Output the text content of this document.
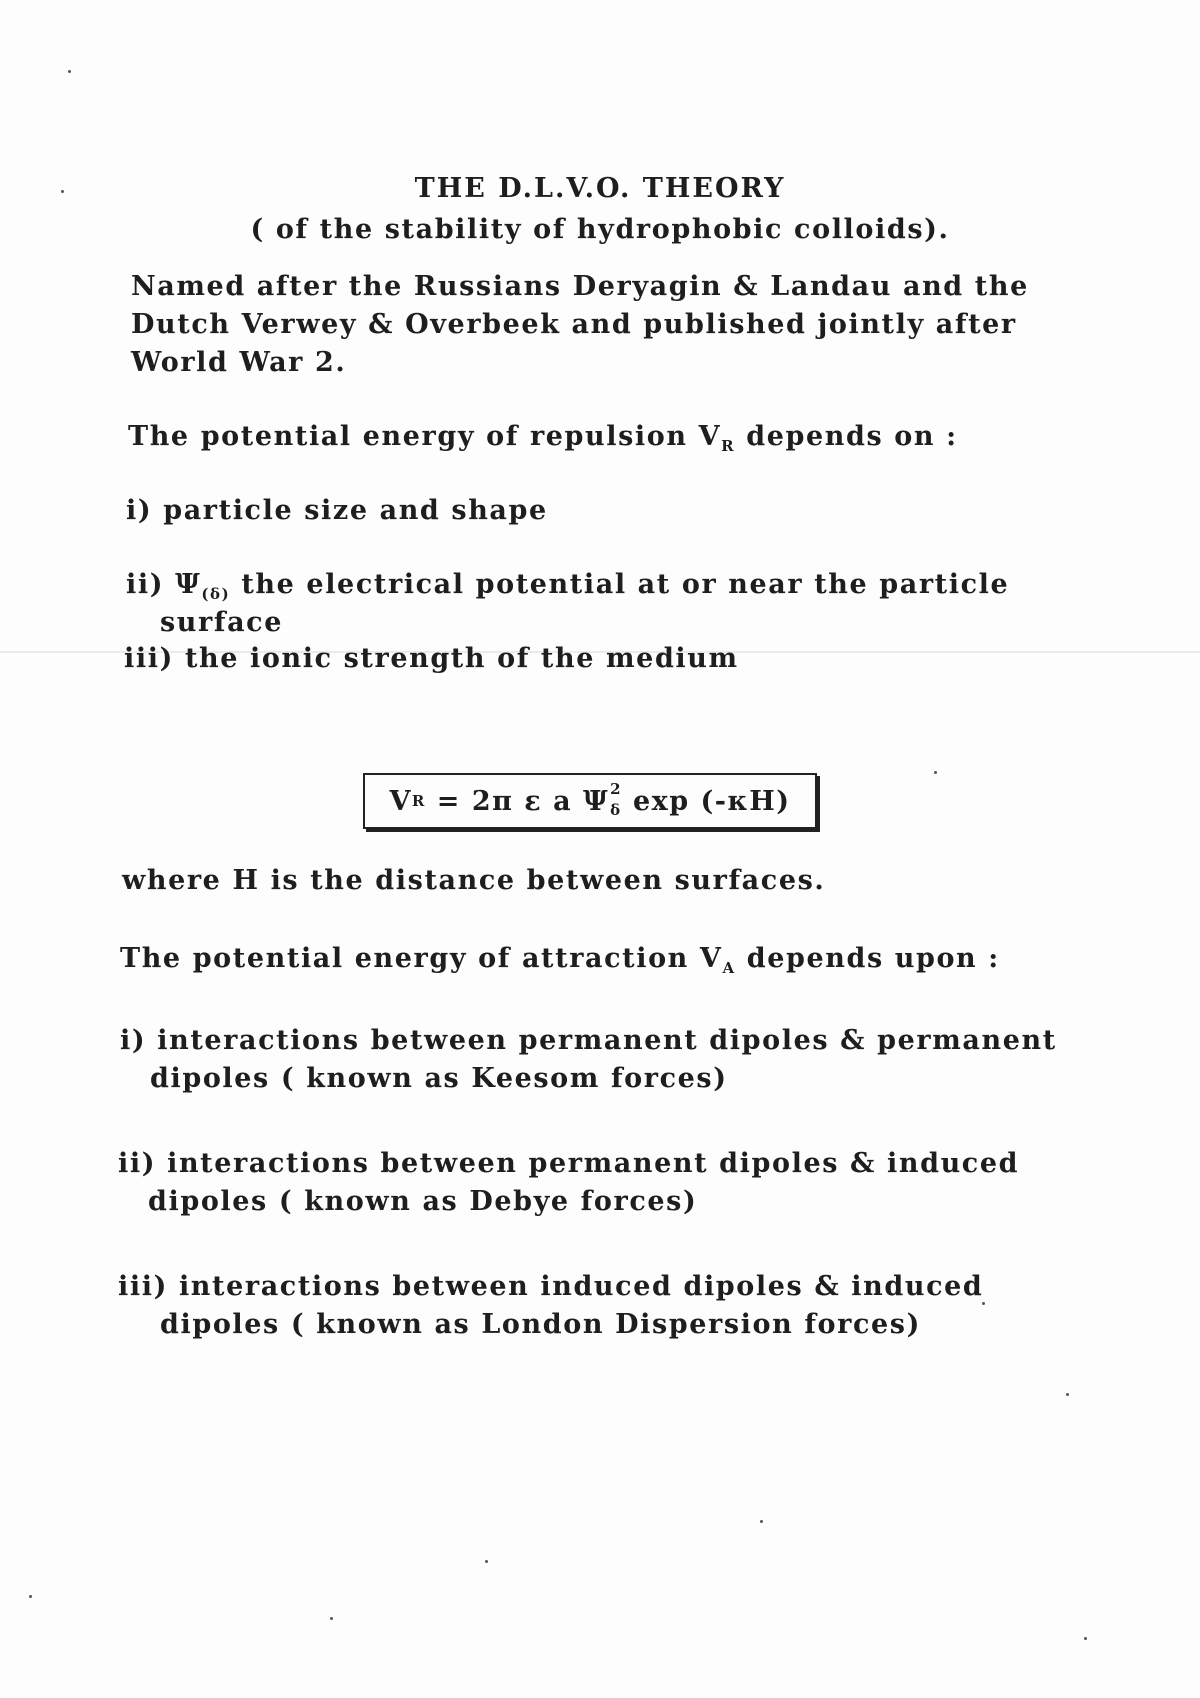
THE D.L.V.O. THEORY
( of the stability of hydrophobic colloids).
Named after the Russians Deryagin & Landau and the
Dutch Verwey & Overbeek and published jointly after
World War 2.
The potential energy of repulsion $V_R$ depends on :
i) particle size and shape
ii) $\Psi_{(\delta)}$ the electrical potential at or near the particle
surface
iii) the ionic strength of the medium
V R = 2π ε a Ψ 2
δ exp (-κH)
where H is the distance between surfaces.
The potential energy of attraction $V_A$ depends upon :
i) interactions between permanent dipoles & permanent
dipoles ( known as Keesom forces)
ii) interactions between permanent dipoles & induced
dipoles ( known as Debye forces)
iii) interactions between induced dipoles & induced
dipoles ( known as London Dispersion forces)
